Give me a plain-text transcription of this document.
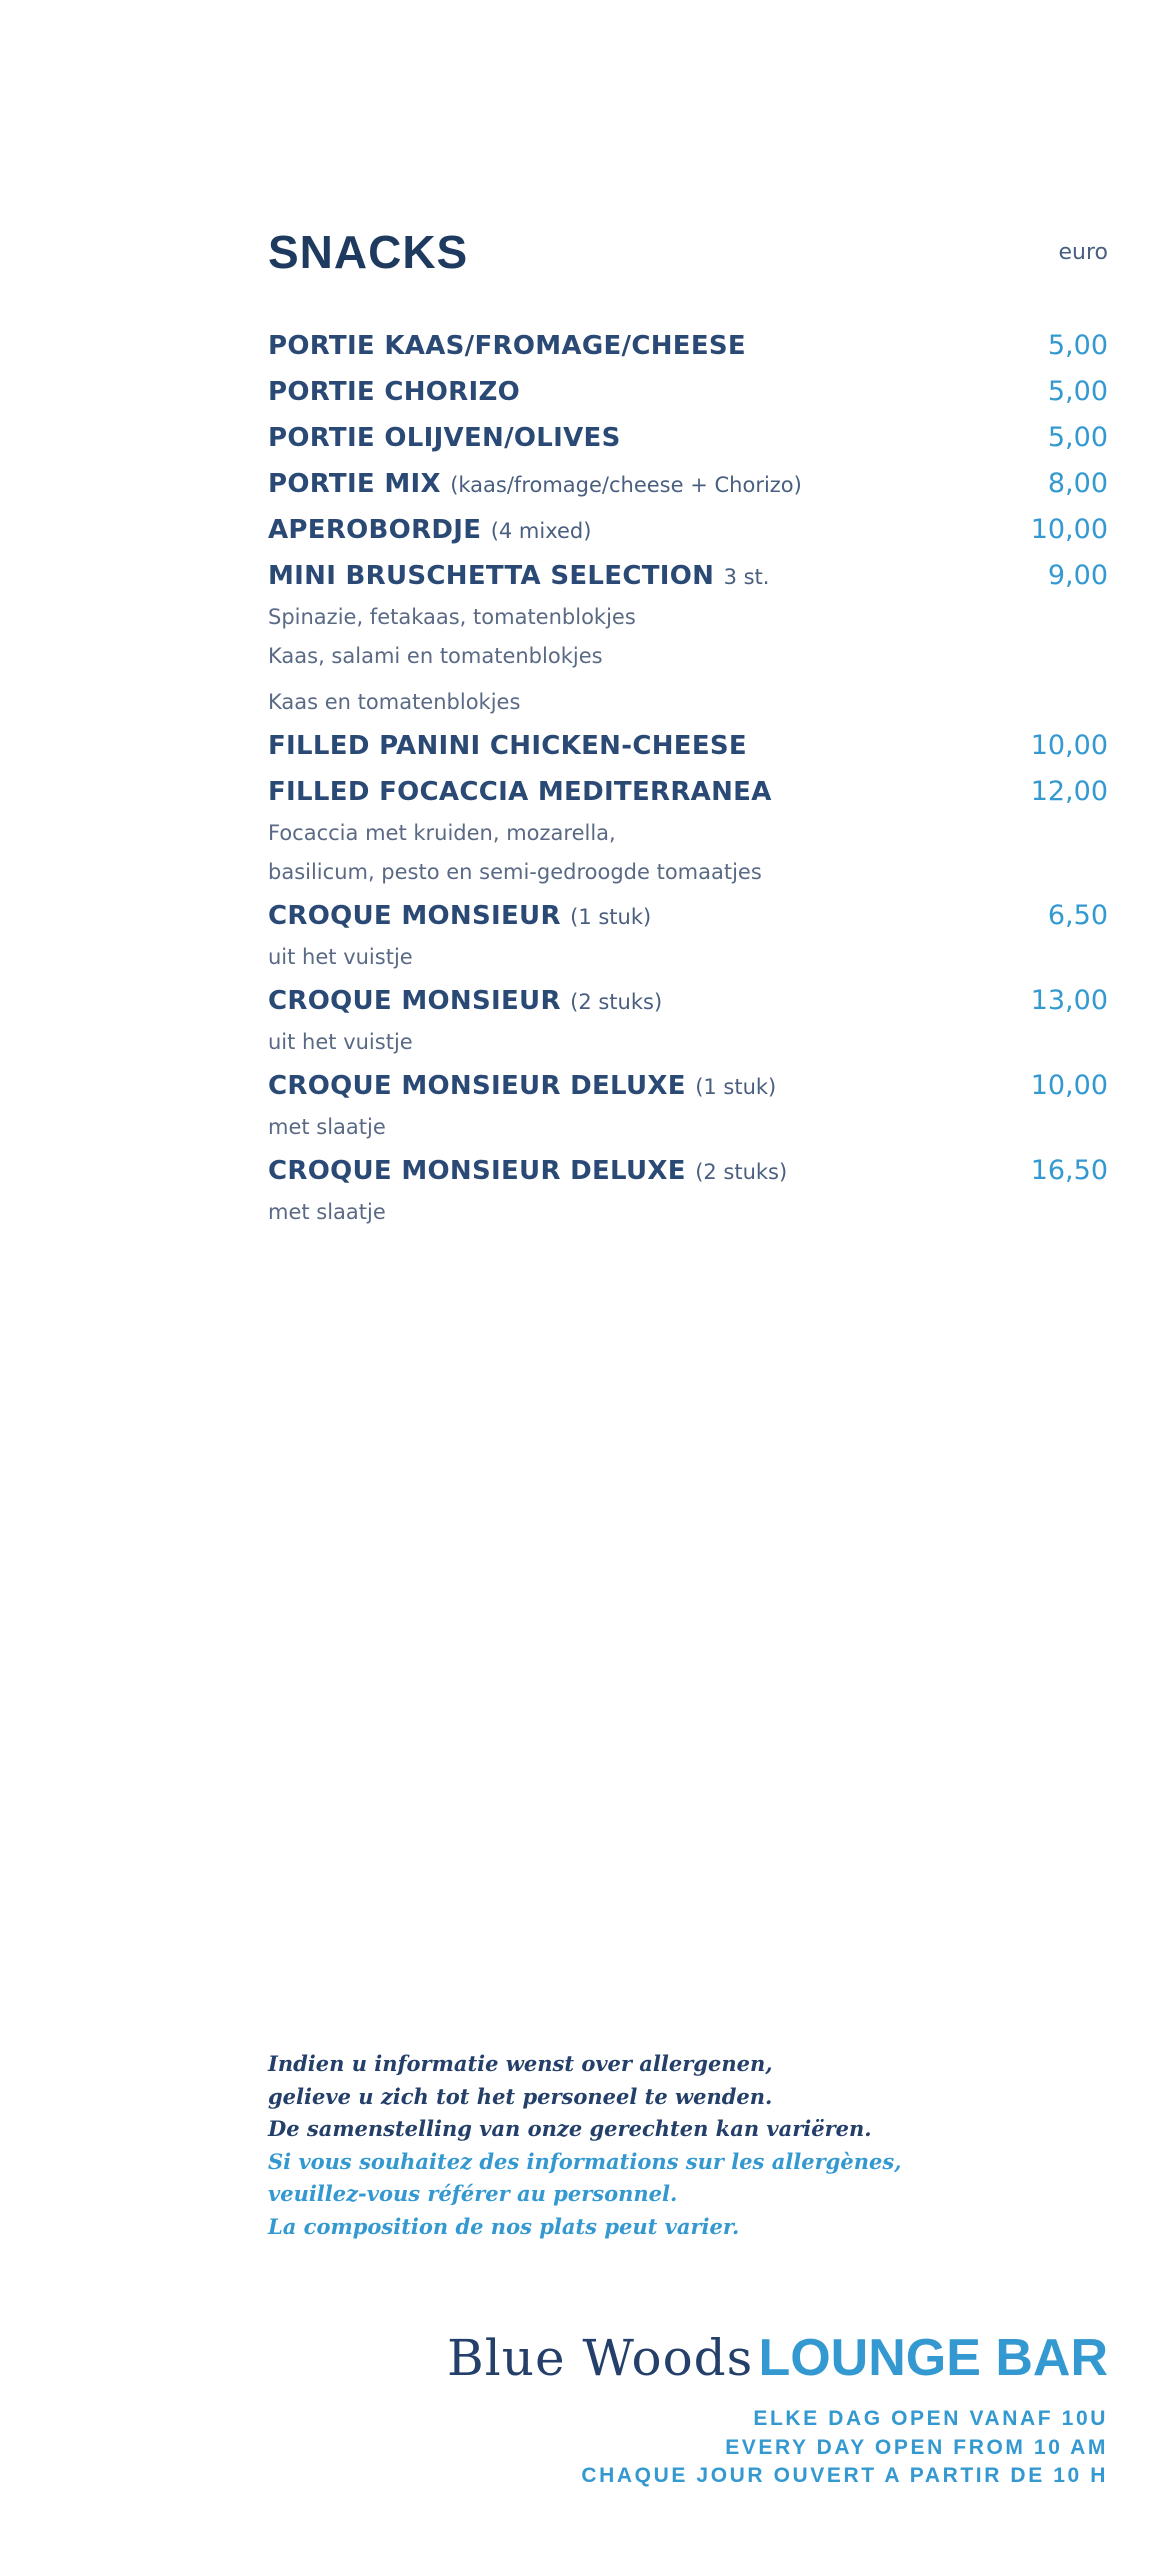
SNACKS	euro
PORTIE KAAS/FROMAGE/CHEESE	5,00
PORTIE CHORIZO	5,00
PORTIE OLIJVEN/OLIVES	5,00
PORTIE MIX (kaas/fromage/cheese + Chorizo)	8,00
APEROBORDJE (4 mixed)	10,00
MINI BRUSCHETTA SELECTION 3 st.	9,00
Spinazie, fetakaas, tomatenblokjes
Kaas, salami en tomatenblokjes
Kaas en tomatenblokjes
FILLED PANINI CHICKEN-CHEESE	10,00
FILLED FOCACCIA MEDITERRANEA	12,00
Focaccia met kruiden, mozarella,
basilicum, pesto en semi-gedroogde tomaatjes
CROQUE MONSIEUR (1 stuk)	6,50
uit het vuistje
CROQUE MONSIEUR (2 stuks)	13,00
uit het vuistje
CROQUE MONSIEUR DELUXE (1 stuk)	10,00
met slaatje
CROQUE MONSIEUR DELUXE (2 stuks)	16,50
met slaatje
Indien u informatie wenst over allergenen,
gelieve u zich tot het personeel te wenden.
De samenstelling van onze gerechten kan variëren.
Si vous souhaitez des informations sur les allergènes,
veuillez-vous référer au personnel.
La composition de nos plats peut varier.
Blue Woods LOUNGE BAR
ELKE DAG OPEN VANAF 10U
EVERY DAY OPEN FROM 10 AM
CHAQUE JOUR OUVERT A PARTIR DE 10 H
